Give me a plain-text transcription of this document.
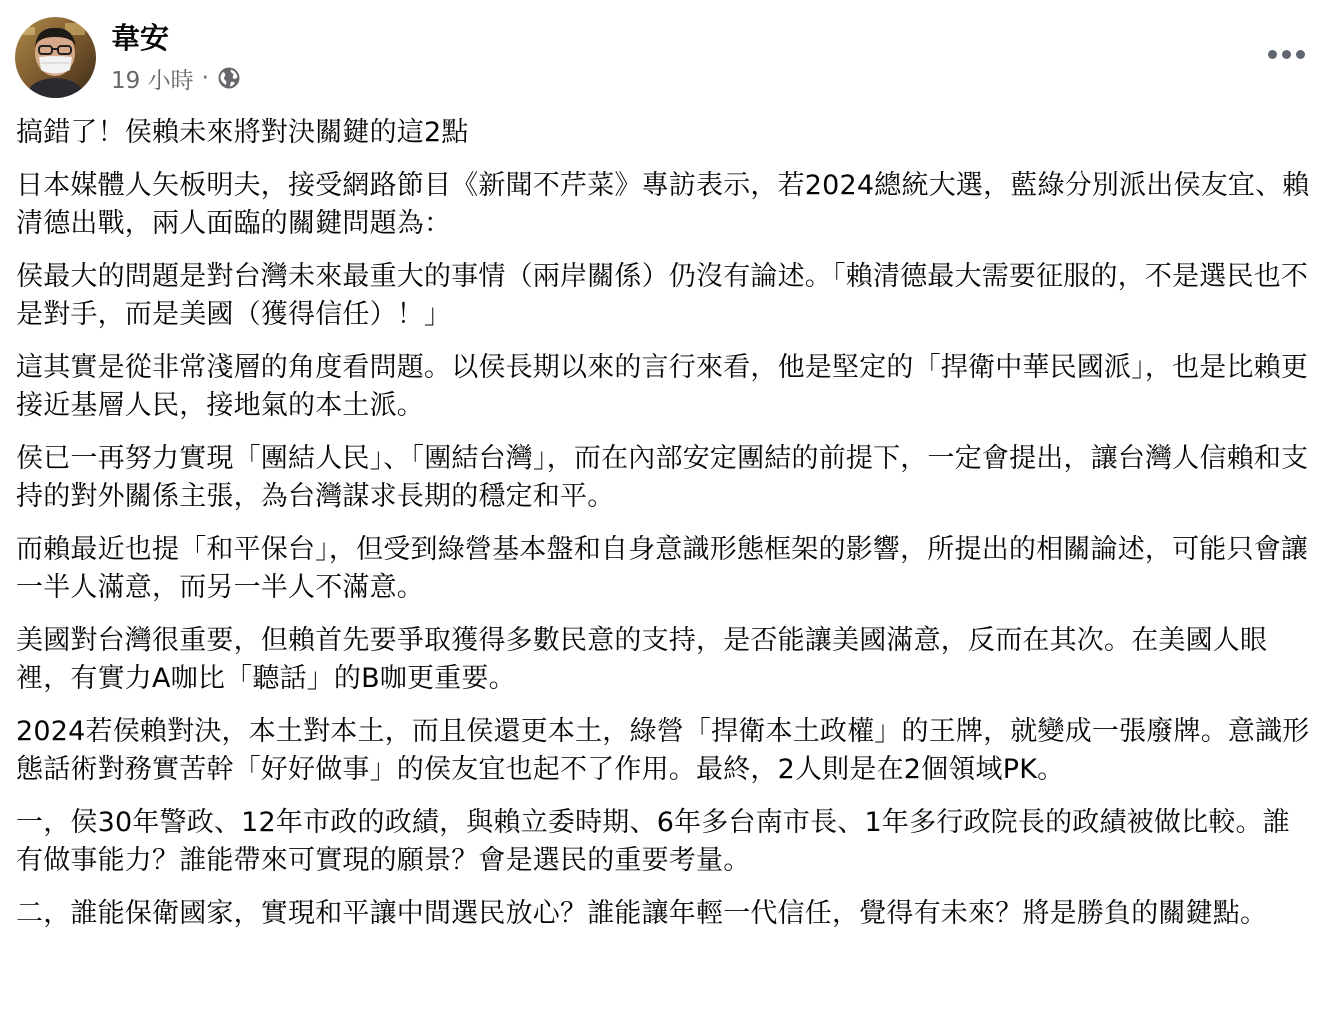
韋安
19 小時 ·

搞錯了！侯賴未來將對決關鍵的這2點

日本媒體人矢板明夫，接受網路節目《新聞不芹菜》專訪表示，若2024總統大選，藍綠分別派出侯友宜、賴清德出戰，兩人面臨的關鍵問題為：

侯最大的問題是對台灣未來最重大的事情（兩岸關係）仍沒有論述。「賴清德最大需要征服的，不是選民也不是對手，而是美國（獲得信任）！」

這其實是從非常淺層的角度看問題。以侯長期以來的言行來看，他是堅定的「捍衛中華民國派」，也是比賴更接近基層人民，接地氣的本土派。

侯已一再努力實現「團結人民」、「團結台灣」，而在內部安定團結的前提下，一定會提出，讓台灣人信賴和支持的對外關係主張，為台灣謀求長期的穩定和平。

而賴最近也提「和平保台」，但受到綠營基本盤和自身意識形態框架的影響，所提出的相關論述，可能只會讓一半人滿意，而另一半人不滿意。

美國對台灣很重要，但賴首先要爭取獲得多數民意的支持，是否能讓美國滿意，反而在其次。在美國人眼裡，有實力A咖比「聽話」的B咖更重要。

2024若侯賴對決，本土對本土，而且侯還更本土，綠營「捍衛本土政權」的王牌，就變成一張廢牌。意識形態話術對務實苦幹「好好做事」的侯友宜也起不了作用。最終，2人則是在2個領域PK。

一，侯30年警政、12年市政的政績，與賴立委時期、6年多台南市長、1年多行政院長的政績被做比較。誰有做事能力？誰能帶來可實現的願景？會是選民的重要考量。

二，誰能保衛國家，實現和平讓中間選民放心？誰能讓年輕一代信任，覺得有未來？將是勝負的關鍵點。
